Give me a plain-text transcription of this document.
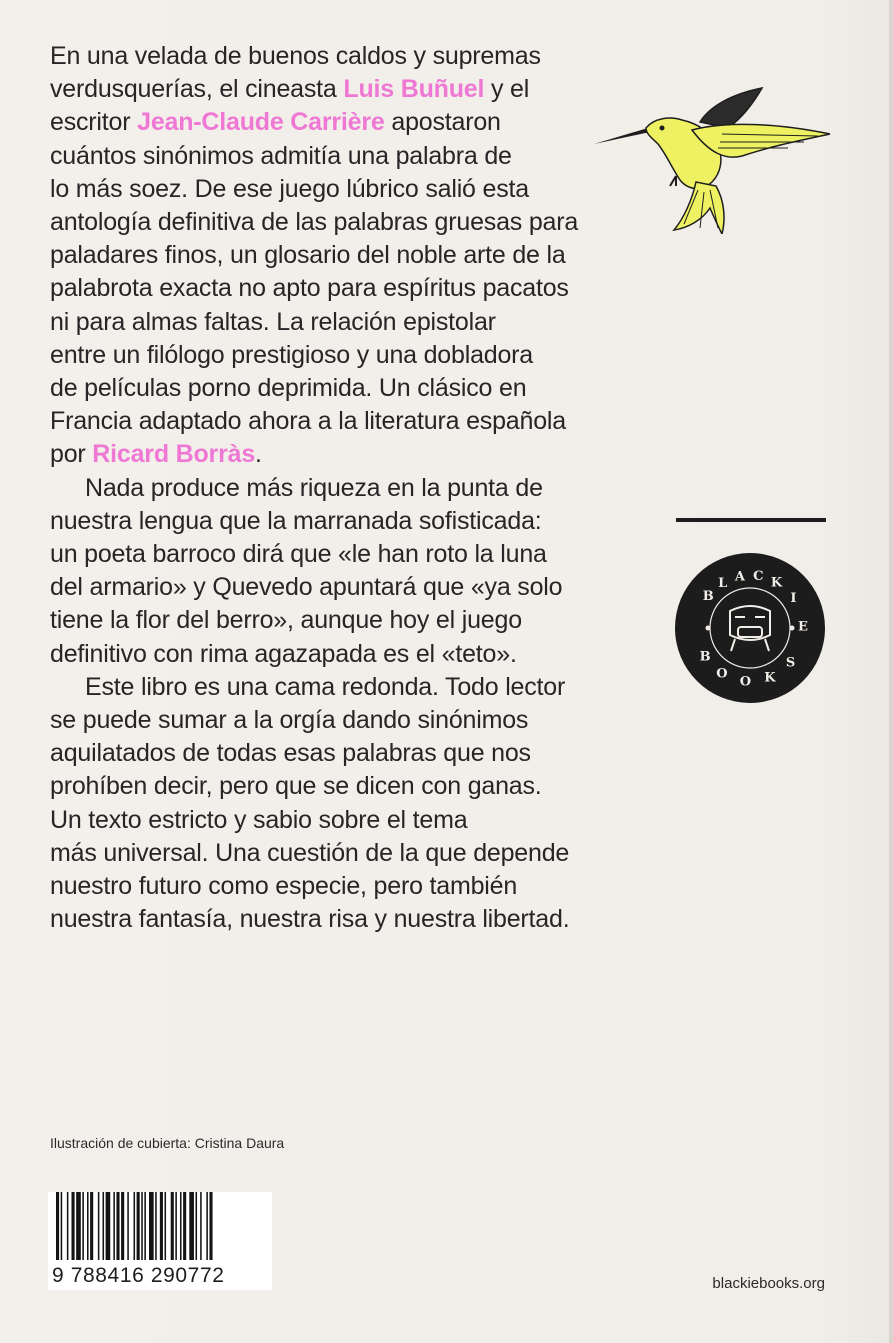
En una velada de buenos caldos y supremas
verdusquerías, el cineasta Luis Buñuel y el
escritor Jean-Claude Carrière apostaron
cuántos sinónimos admitía una palabra de
lo más soez. De ese juego lúbrico salió esta
antología definitiva de las palabras gruesas para
paladares finos, un glosario del noble arte de la
palabrota exacta no apto para espíritus pacatos
ni para almas faltas. La relación epistolar
entre un filólogo prestigioso y una dobladora
de películas porno deprimida. Un clásico en
Francia adaptado ahora a la literatura española
por Ricard Borràs.

Nada produce más riqueza en la punta de
nuestra lengua que la marranada sofisticada:
un poeta barroco dirá que «le han roto la luna
del armario» y Quevedo apuntará que «ya solo
tiene la flor del berro», aunque hoy el juego
definitivo con rima agazapada es el «teto».

Este libro es una cama redonda. Todo lector
se puede sumar a la orgía dando sinónimos
aquilatados de todas esas palabras que nos
prohíben decir, pero que se dicen con ganas.
Un texto estricto y sabio sobre el tema
más universal. Una cuestión de la que depende
nuestro futuro como especie, pero también
nuestra fantasía, nuestra risa y nuestra libertad.

B
L A C K
I
E
B
O
O K
S
Ilustración de cubierta: Cristina Daura
9 788416 290772	blackiebooks.org
